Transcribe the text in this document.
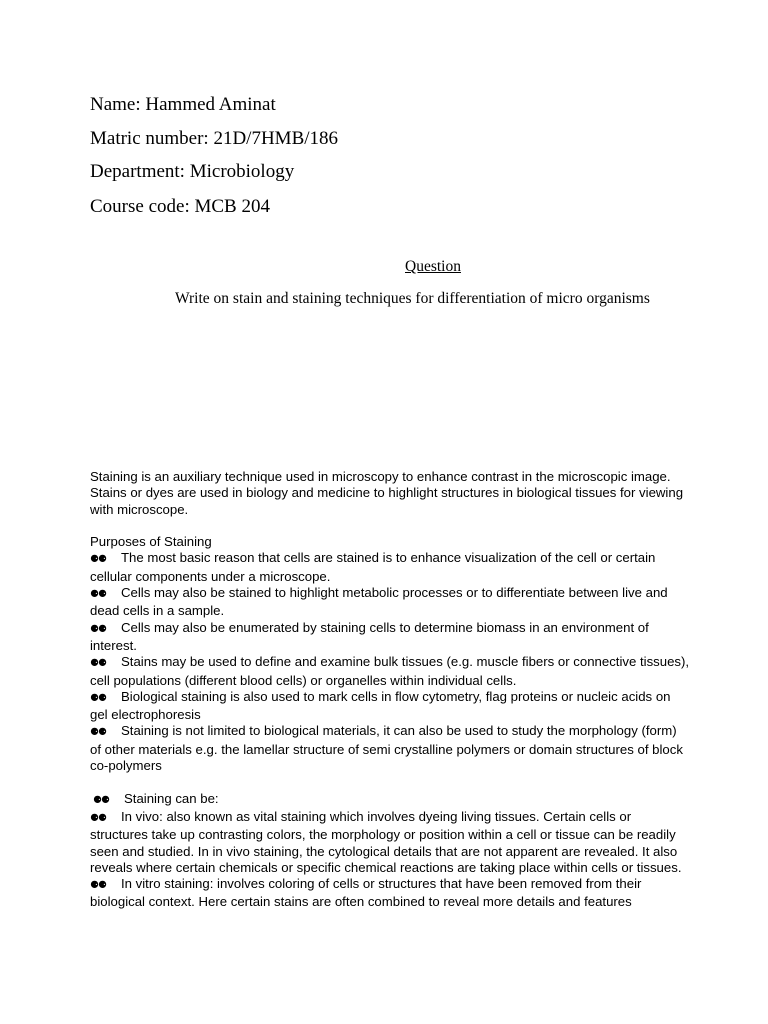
Name: Hammed Aminat
Matric number: 21D/7HMB/186
Department: Microbiology
Course code: MCB 204
Question
Write on stain and staining techniques for differentiation of micro organisms

Staining is an auxiliary technique used in microscopy to enhance contrast in the microscopic image. Stains or dyes are used in biology and medicine to highlight structures in biological tissues for viewing with microscope.

Purposes of Staining

⚈⚈ The most basic reason that cells are stained is to enhance visualization of the cell or certain cellular components under a microscope.

⚈⚈ Cells may also be stained to highlight metabolic processes or to differentiate between live and dead cells in a sample.

⚈⚈ Cells may also be enumerated by staining cells to determine biomass in an environment of interest.

⚈⚈ Stains may be used to define and examine bulk tissues (e.g. muscle fibers or connective tissues), cell populations (different blood cells) or organelles within individual cells.

⚈⚈ Biological staining is also used to mark cells in flow cytometry, flag proteins or nucleic acids on gel electrophoresis

⚈⚈ Staining is not limited to biological materials, it can also be used to study the morphology (form) of other materials e.g. the lamellar structure of semi crystalline polymers or domain structures of block co-polymers

⚈⚈ Staining can be:

⚈⚈ In vivo: also known as vital staining which involves dyeing living tissues. Certain cells or structures take up contrasting colors, the morphology or position within a cell or tissue can be readily seen and studied. In in vivo staining, the cytological details that are not apparent are revealed. It also reveals where certain chemicals or specific chemical reactions are taking place within cells or tissues.

⚈⚈ In vitro staining: involves coloring of cells or structures that have been removed from their biological context. Here certain stains are often combined to reveal more details and features
